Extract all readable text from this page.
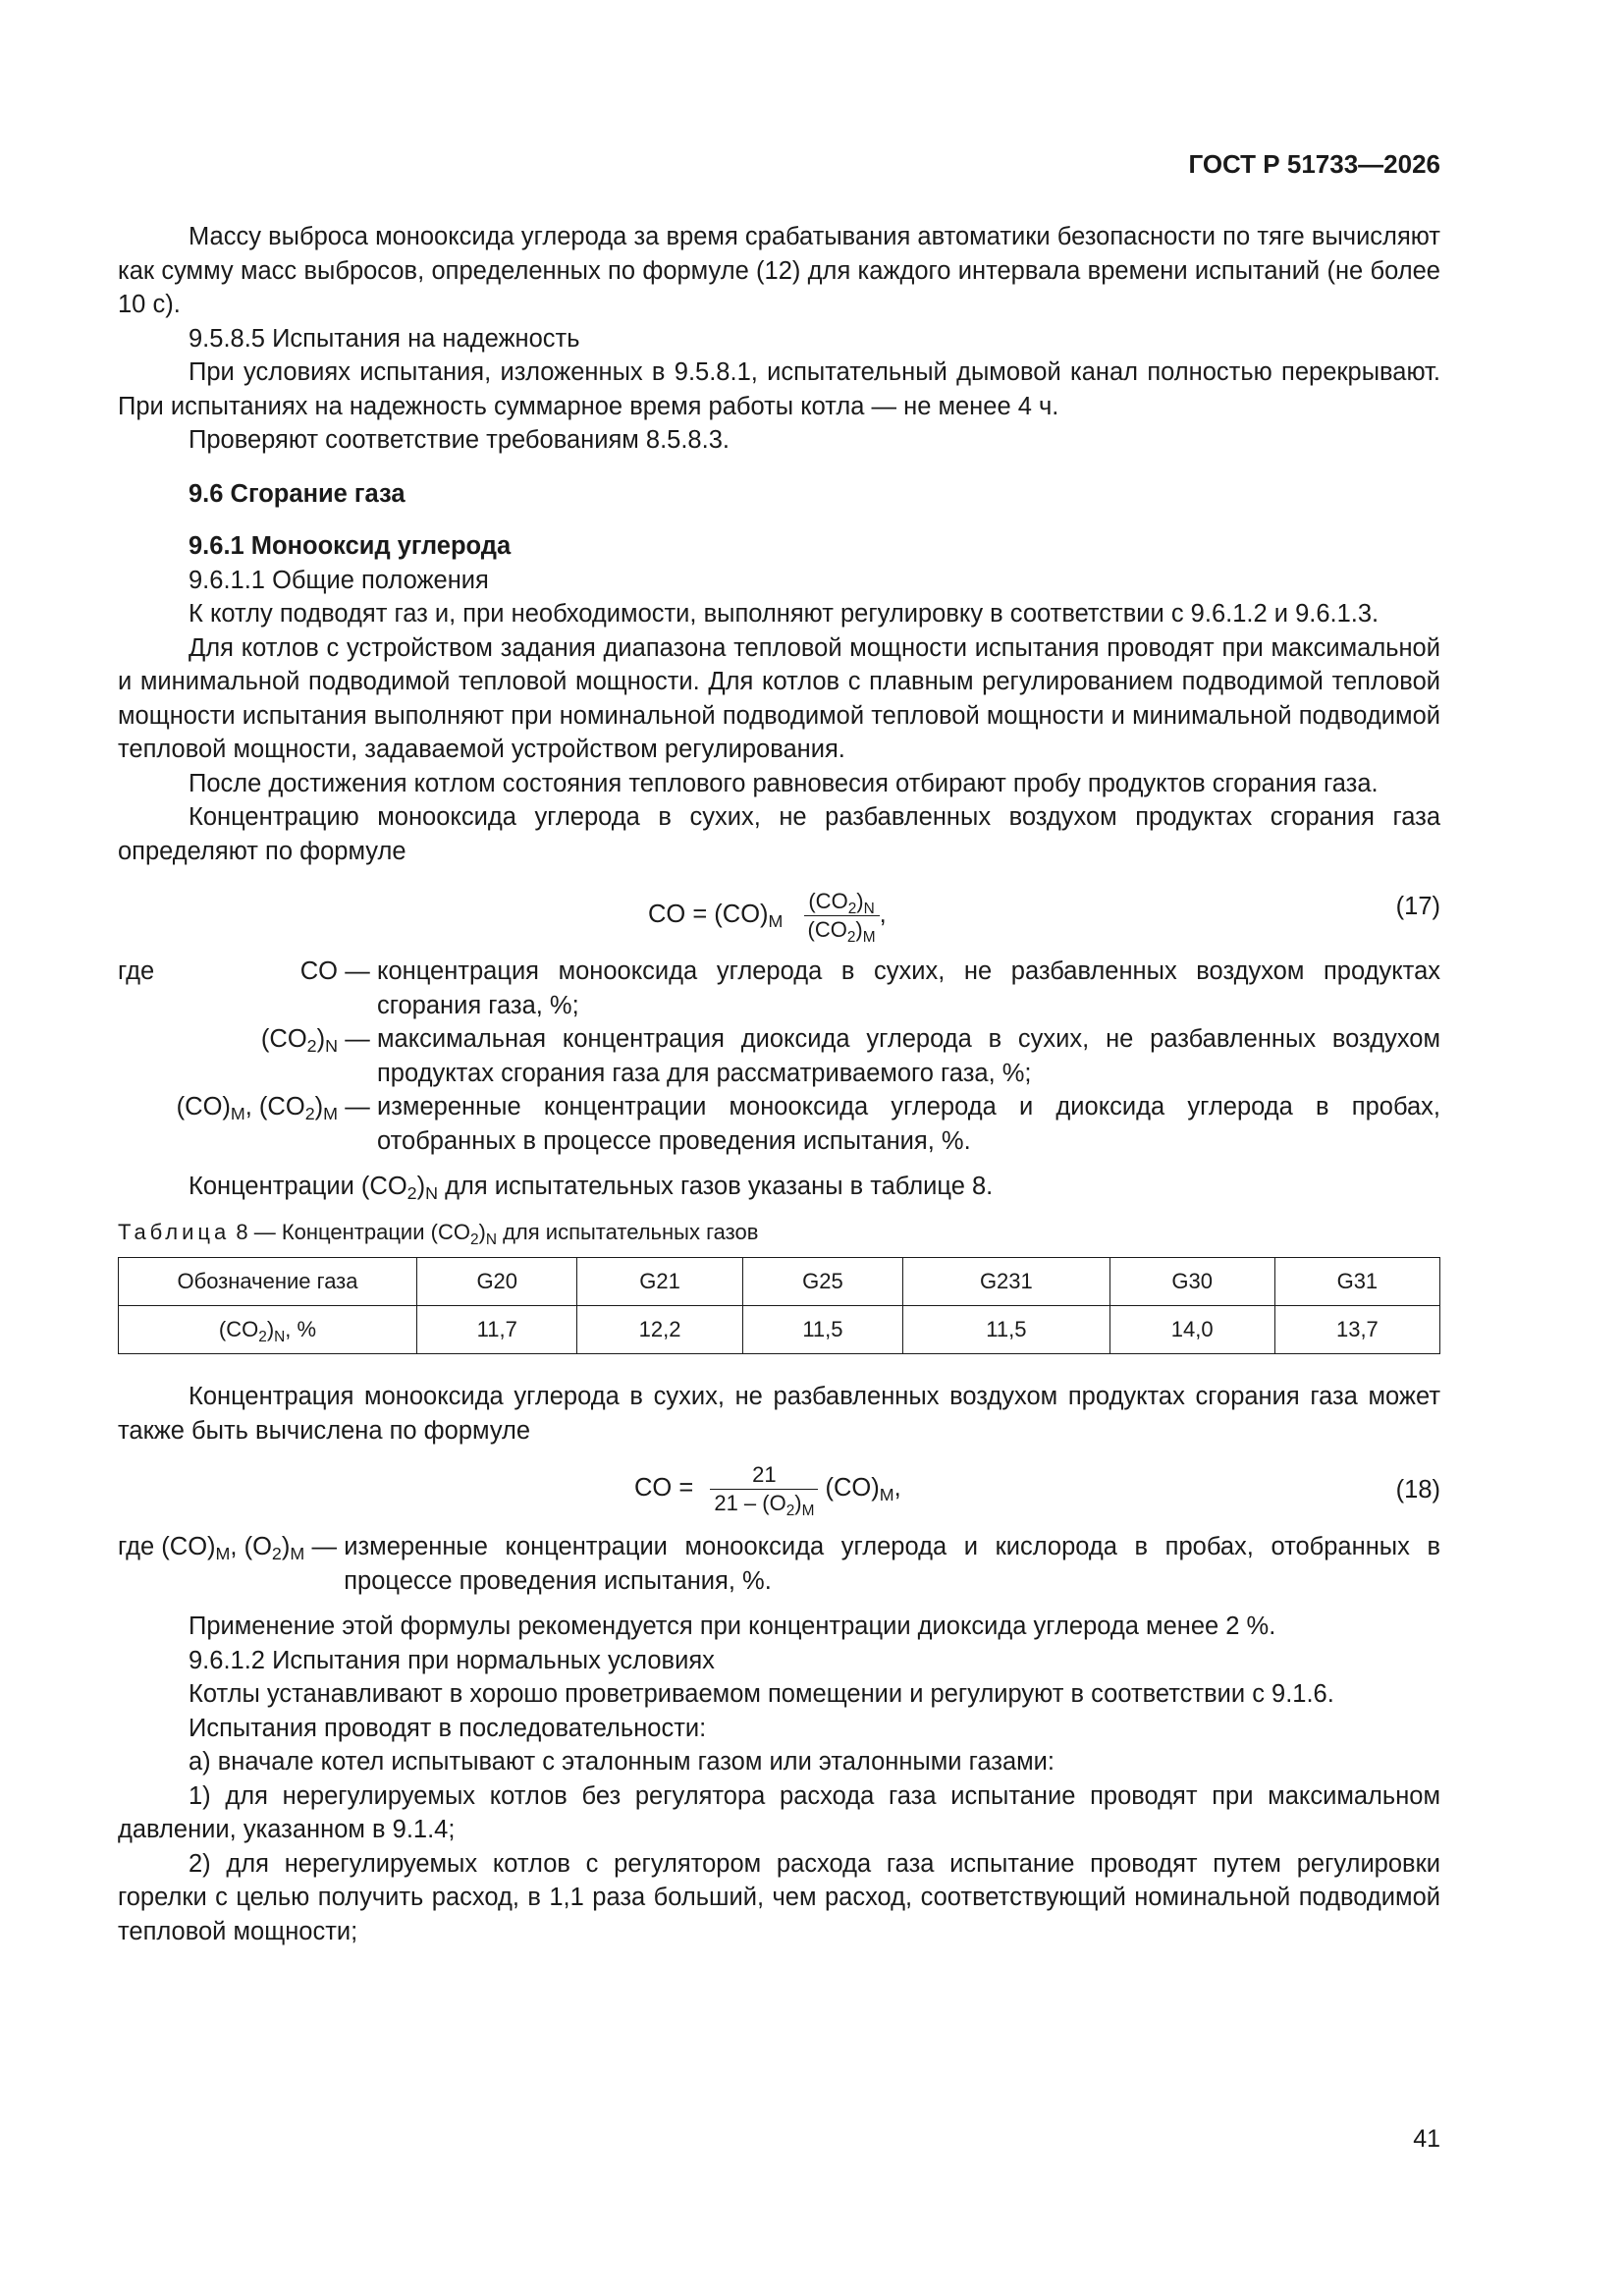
ГОСТ Р 51733—2026

Массу выброса монооксида углерода за время срабатывания автоматики безопасности по тяге вычисляют как сумму масс выбросов, определенных по формуле (12) для каждого интервала времени испытаний (не более 10 с).

9.5.8.5 Испытания на надежность

При условиях испытания, изложенных в 9.5.8.1, испытательный дымовой канал полностью перекрывают. При испытаниях на надежность суммарное время работы котла — не менее 4 ч.

Проверяют соответствие требованиям 8.5.8.3.

9.6 Сгорание газа

9.6.1 Монооксид углерода

9.6.1.1 Общие положения

К котлу подводят газ и, при необходимости, выполняют регулировку в соответствии с 9.6.1.2 и 9.6.1.3.

Для котлов с устройством задания диапазона тепловой мощности испытания проводят при максимальной и минимальной подводимой тепловой мощности. Для котлов с плавным регулированием подводимой тепловой мощности испытания выполняют при номинальной подводимой тепловой мощности и минимальной подводимой тепловой мощности, задаваемой устройством регулирования.

После достижения котлом состояния теплового равновесия отбирают пробу продуктов сгорания газа.

Концентрацию монооксида углерода в сухих, не разбавленных воздухом продуктах сгорания газа определяют по формуле

CO = $(CO)_M \frac{(CO_2)_N}{(CO_2)_M}$ ,	(17)
где	CO — концентрация монооксида углерода в сухих, не разбавленных воздухом продуктах сгорания газа, %;
$(CO_2)_N$ — максимальная концентрация диоксида углерода в сухих, не разбавленных воздухом продуктах сгорания газа для рассматриваемого газа, %;
$(CO)_M$, $(CO_2)_M$ — измеренные концентрации монооксида углерода и диоксида углерода в пробах, отобранных в процессе проведения испытания, %.

Концентрации $(CO_2)_N$ для испытательных газов указаны в таблице 8.

Таблица 8 — Концентрации $(CO_2)_N$ для испытательных газов

Обозначение газа	G20	G21	G25	G231	G30	G31
$(CO_2)_N$, %	11,7	12,2	11,5	11,5	14,0	13,7

Концентрация монооксида углерода в сухих, не разбавленных воздухом продуктах сгорания газа может также быть вычислена по формуле

CO = $\frac{21}{21 - (O_2)_M} (CO)_M$,	(18)
где $(CO)_M$, $(O_2)_M$ — измеренные концентрации монооксида углерода и кислорода в пробах, отобранных в процессе проведения испытания, %.

Применение этой формулы рекомендуется при концентрации диоксида углерода менее 2 %.

9.6.1.2 Испытания при нормальных условиях

Котлы устанавливают в хорошо проветриваемом помещении и регулируют в соответствии с 9.1.6.

Испытания проводят в последовательности:

а) вначале котел испытывают с эталонным газом или эталонными газами:

1) для нерегулируемых котлов без регулятора расхода газа испытание проводят при максимальном давлении, указанном в 9.1.4;

2) для нерегулируемых котлов с регулятором расхода газа испытание проводят путем регулировки горелки с целью получить расход, в 1,1 раза больший, чем расход, соответствующий номинальной подводимой тепловой мощности;

41
